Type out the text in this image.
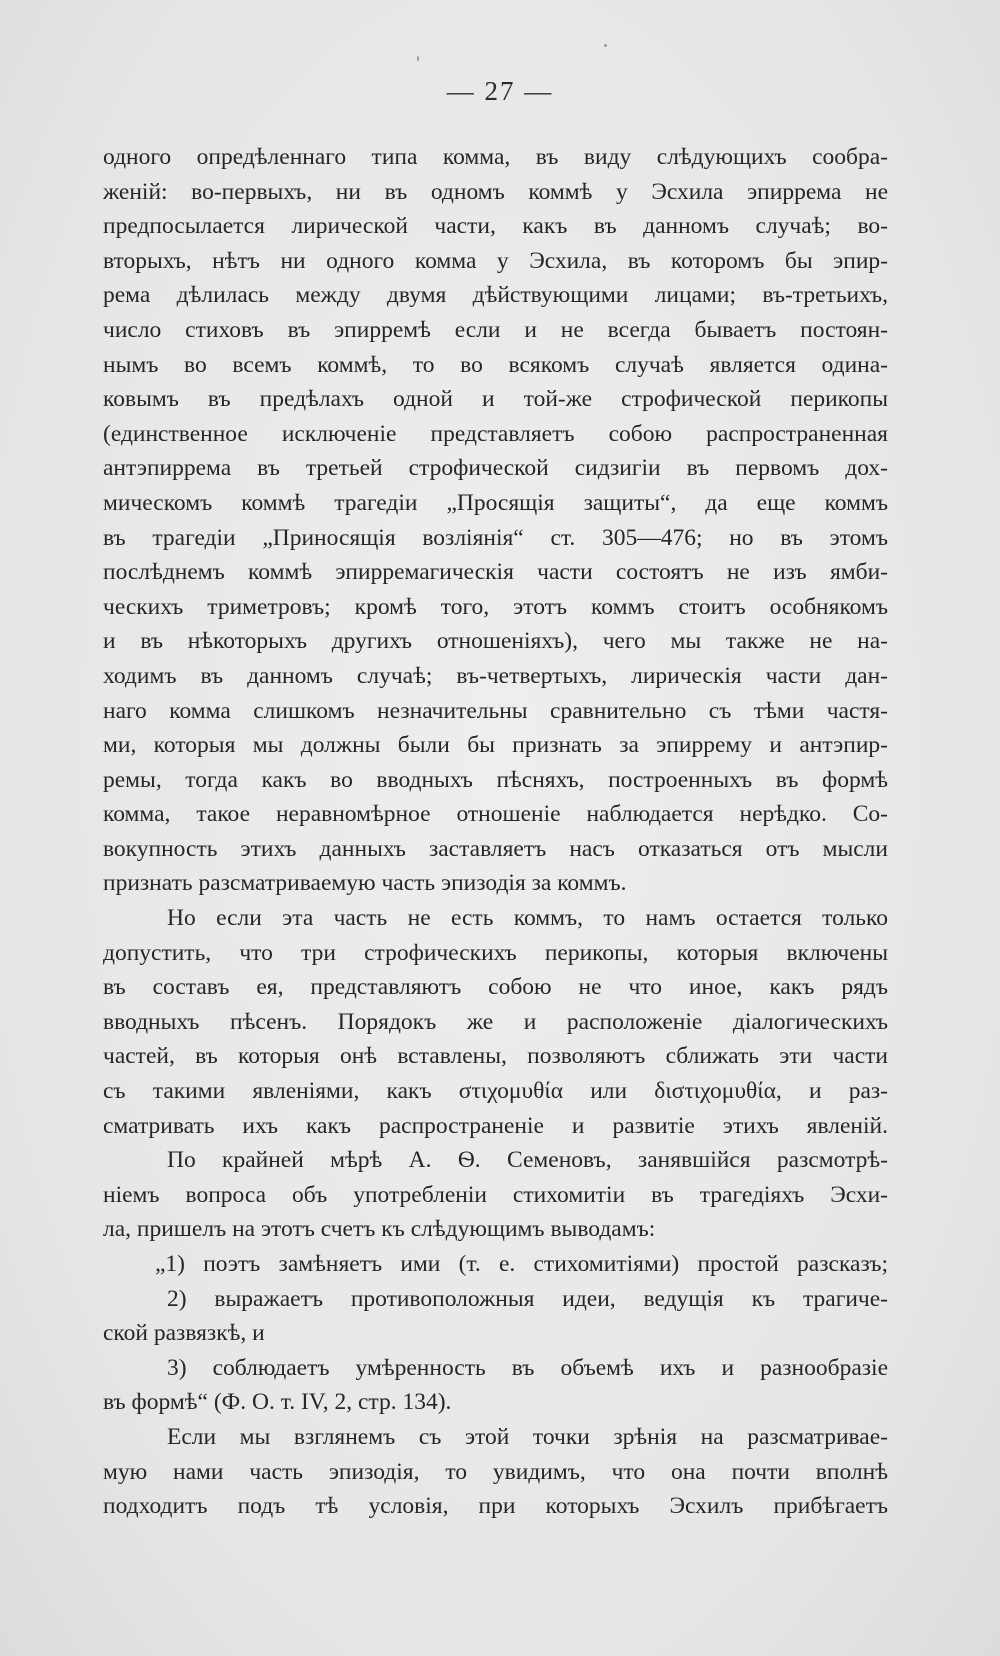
— 27 —
одного опредѣленнаго типа комма, въ виду слѣдующихъ сообра-
женій: во-первыхъ, ни въ одномъ коммѣ у Эсхила эпиррема не
предпосылается лирической части, какъ въ данномъ случаѣ; во-
вторыхъ, нѣтъ ни одного комма у Эсхила, въ которомъ бы эпир-
рема дѣлилась между двумя дѣйствующими лицами; въ-третьихъ,
число стиховъ въ эпирремѣ если и не всегда бываетъ постоян-
нымъ во всемъ коммѣ, то во всякомъ случаѣ является одина-
ковымъ въ предѣлахъ одной и той-же строфической перикопы
(единственное исключеніе представляетъ собою распространенная
антэпиррема въ третьей строфической сидзигіи въ первомъ дох-
мическомъ коммѣ трагедіи „Просящія защиты“, да еще коммъ
въ трагедіи „Приносящія возліянія“ ст. 305—476; но въ этомъ
послѣднемъ коммѣ эпирремагическія части состоятъ не изъ ямби-
ческихъ триметровъ; кромѣ того, этотъ коммъ стоитъ особнякомъ
и въ нѣкоторыхъ другихъ отношеніяхъ), чего мы также не на-
ходимъ въ данномъ случаѣ; въ-четвертыхъ, лирическія части дан-
наго комма слишкомъ незначительны сравнительно съ тѣми частя-
ми, которыя мы должны были бы признать за эпиррему и антэпир-
ремы, тогда какъ во вводныхъ пѣсняхъ, построенныхъ въ формѣ
комма, такое неравномѣрное отношеніе наблюдается нерѣдко. Со-
вокупность этихъ данныхъ заставляетъ насъ отказаться отъ мысли
признать разсматриваемую часть эпизодія за коммъ.
Но если эта часть не есть коммъ, то намъ остается только
допустить, что три строфическихъ перикопы, которыя включены
въ составъ ея, представляютъ собою не что иное, какъ рядъ
вводныхъ пѣсенъ. Порядокъ же и расположеніе діалогическихъ
частей, въ которыя онѣ вставлены, позволяютъ сближать эти части
съ такими явленіями, какъ στιχομυθία или διστιχομυθία, и раз-
сматривать ихъ какъ распространеніе и развитіе этихъ явленій.
По крайней мѣрѣ А. Ѳ. Семеновъ, занявшійся разсмотрѣ-
ніемъ вопроса объ употребленіи стихомитіи въ трагедіяхъ Эсхи-
ла, пришелъ на этотъ счетъ къ слѣдующимъ выводамъ:
„1) поэтъ замѣняетъ ими (т. е. стихомитіями) простой разсказъ;
2) выражаетъ противоположныя идеи, ведущія къ трагиче-
ской развязкѣ, и
3) соблюдаетъ умѣренность въ объемѣ ихъ и разнообразіе
въ формѣ“ (Ф. О. т. IV, 2, стр. 134).
Если мы взглянемъ съ этой точки зрѣнія на разсматривае-
мую нами часть эпизодія, то увидимъ, что она почти вполнѣ
подходитъ подъ тѣ условія, при которыхъ Эсхилъ прибѣгаетъ
